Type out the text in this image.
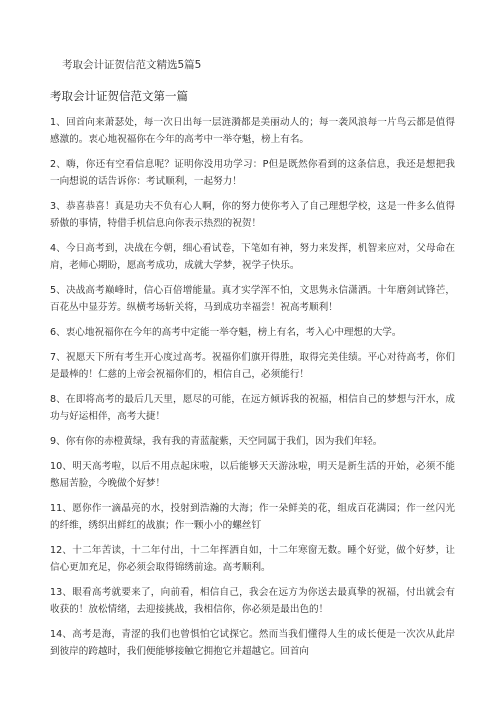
考取会计证贺信范文精选5篇5
考取会计证贺信范文第一篇

1、回首向来萧瑟处，每一次日出每一层涟漪都是美丽动人的；每一袭风浪每一片鸟云都是值得感激的。衷心地祝福你在今年的高考中一举夺魁，榜上有名。

2、嗨，你还有空看信息呢？证明你没用功学习：P但是既然你看到的这条信息，我还是想把我一向想说的话告诉你：考试顺利，一起努力！

3、恭喜恭喜！真是功夫不负有心人啊，你的努力使你考入了自己理想学校，这是一件多么值得骄傲的事情，特借手机信息向你表示热烈的祝贺！

4、今日高考到，决战在今朝，细心看试卷，下笔如有神，努力来发挥，机智来应对，父母命在肩，老师心期盼，愿高考成功，成就大学梦，祝学子快乐。

5、决战高考巅峰时，信心百倍增能量。真才实学浑不怕，文思隽永信潇洒。十年磨剑试锋芒，百花丛中显芬芳。纵横考场斩关将，马到成功幸福尝！祝高考顺利！

6、衷心地祝福你在今年的高考中定能一举夺魁，榜上有名，考入心中理想的大学。

7、祝愿天下所有考生开心度过高考。祝福你们旗开得胜，取得完美佳绩。平心对待高考，你们是最棒的！仁慈的上帝会祝福你们的，相信自己，必须能行！

8、在即将高考的最后几天里，愿尽的可能，在远方倾诉我的祝福，相信自己的梦想与汗水，成功与好运相伴，高考大捷！

9、你有你的赤橙黄绿，我有我的青蓝靛紫，天空同属于我们，因为我们年轻。

10、明天高考啦，以后不用点起床啦，以后能够天天游泳啦，明天是新生活的开始，必须不能憋屈苦脸，今晚做个好梦！

11、愿你作一滴晶亮的水，投射到浩瀚的大海；作一朵鲜美的花，组成百花满园；作一丝闪光的纤维，绣织出鲜红的战旗；作一颗小小的螺丝钉

12、十二年苦读，十二年付出，十二年挥洒自如，十二年寒窗无数。睡个好觉，做个好梦，让信心更加充足，你必须会取得锦绣前途。高考顺利。

13、眼看高考就要来了，向前看，相信自己，我会在远方为你送去最真挚的祝福，付出就会有收获的！放松情绪，去迎接挑战，我相信你，你必须是最出色的！

14、高考是海，青涩的我们也曾惧怕它试探它。然而当我们懂得人生的成长便是一次次从此岸到彼岸的跨越时，我们便能够接触它拥抱它并超越它。回首向
